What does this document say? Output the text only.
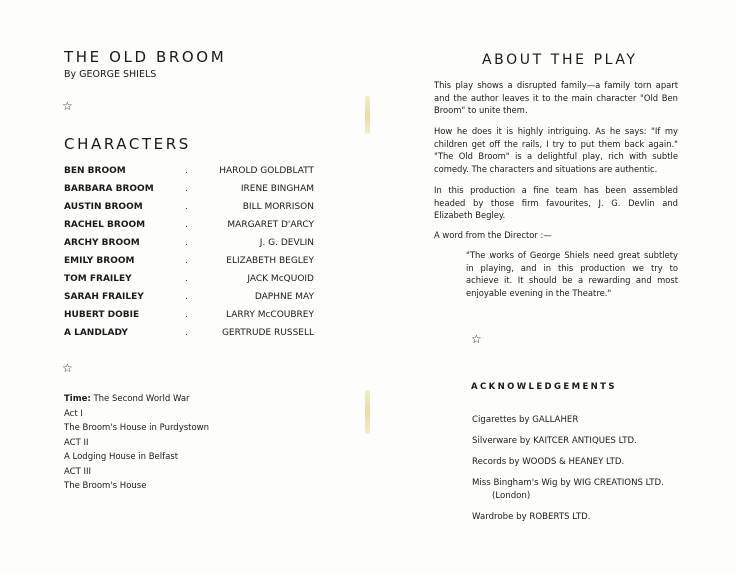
THE OLD BROOM
By GEORGE SHIELS
☆
CHARACTERS
BEN BROOM	.	HAROLD GOLDBLATT
BARBARA BROOM	.	IRENE BINGHAM
AUSTIN BROOM	.	BILL MORRISON
RACHEL BROOM	.	MARGARET D'ARCY
ARCHY BROOM	.	J. G. DEVLIN
EMILY BROOM	.	ELIZABETH BEGLEY
TOM FRAILEY	.	JACK McQUOID
SARAH FRAILEY	.	DAPHNE MAY
HUBERT DOBIE	.	LARRY McCOUBREY
A LANDLADY	.	GERTRUDE RUSSELL
☆
Time: The Second World War
Act I
The Broom's House in Purdystown
ACT II
A Lodging House in Belfast
ACT III
The Broom's House
ABOUT THE PLAY
This play shows a disrupted family—a family torn apart and the author leaves it to the main character "Old Ben Broom" to unite them.
How he does it is highly intriguing. As he says: "If my children get off the rails, I try to put them back again." "The Old Broom" is a delightful play, rich with subtle comedy. The characters and situations are authentic.
In this production a fine team has been assembled headed by those firm favourites, J. G. Devlin and Elizabeth Begley.
A word from the Director :—
"The works of George Shiels need great subtlety in playing, and in this production we try to achieve it. It should be a rewarding and most enjoyable evening in the Theatre."
☆
ACKNOWLEDGEMENTS
Cigarettes by GALLAHER
Silverware by KAITCER ANTIQUES LTD.
Records by WOODS & HEANEY LTD.
Miss Bingham's Wig by WIG CREATIONS LTD.
(London)
Wardrobe by ROBERTS LTD.
